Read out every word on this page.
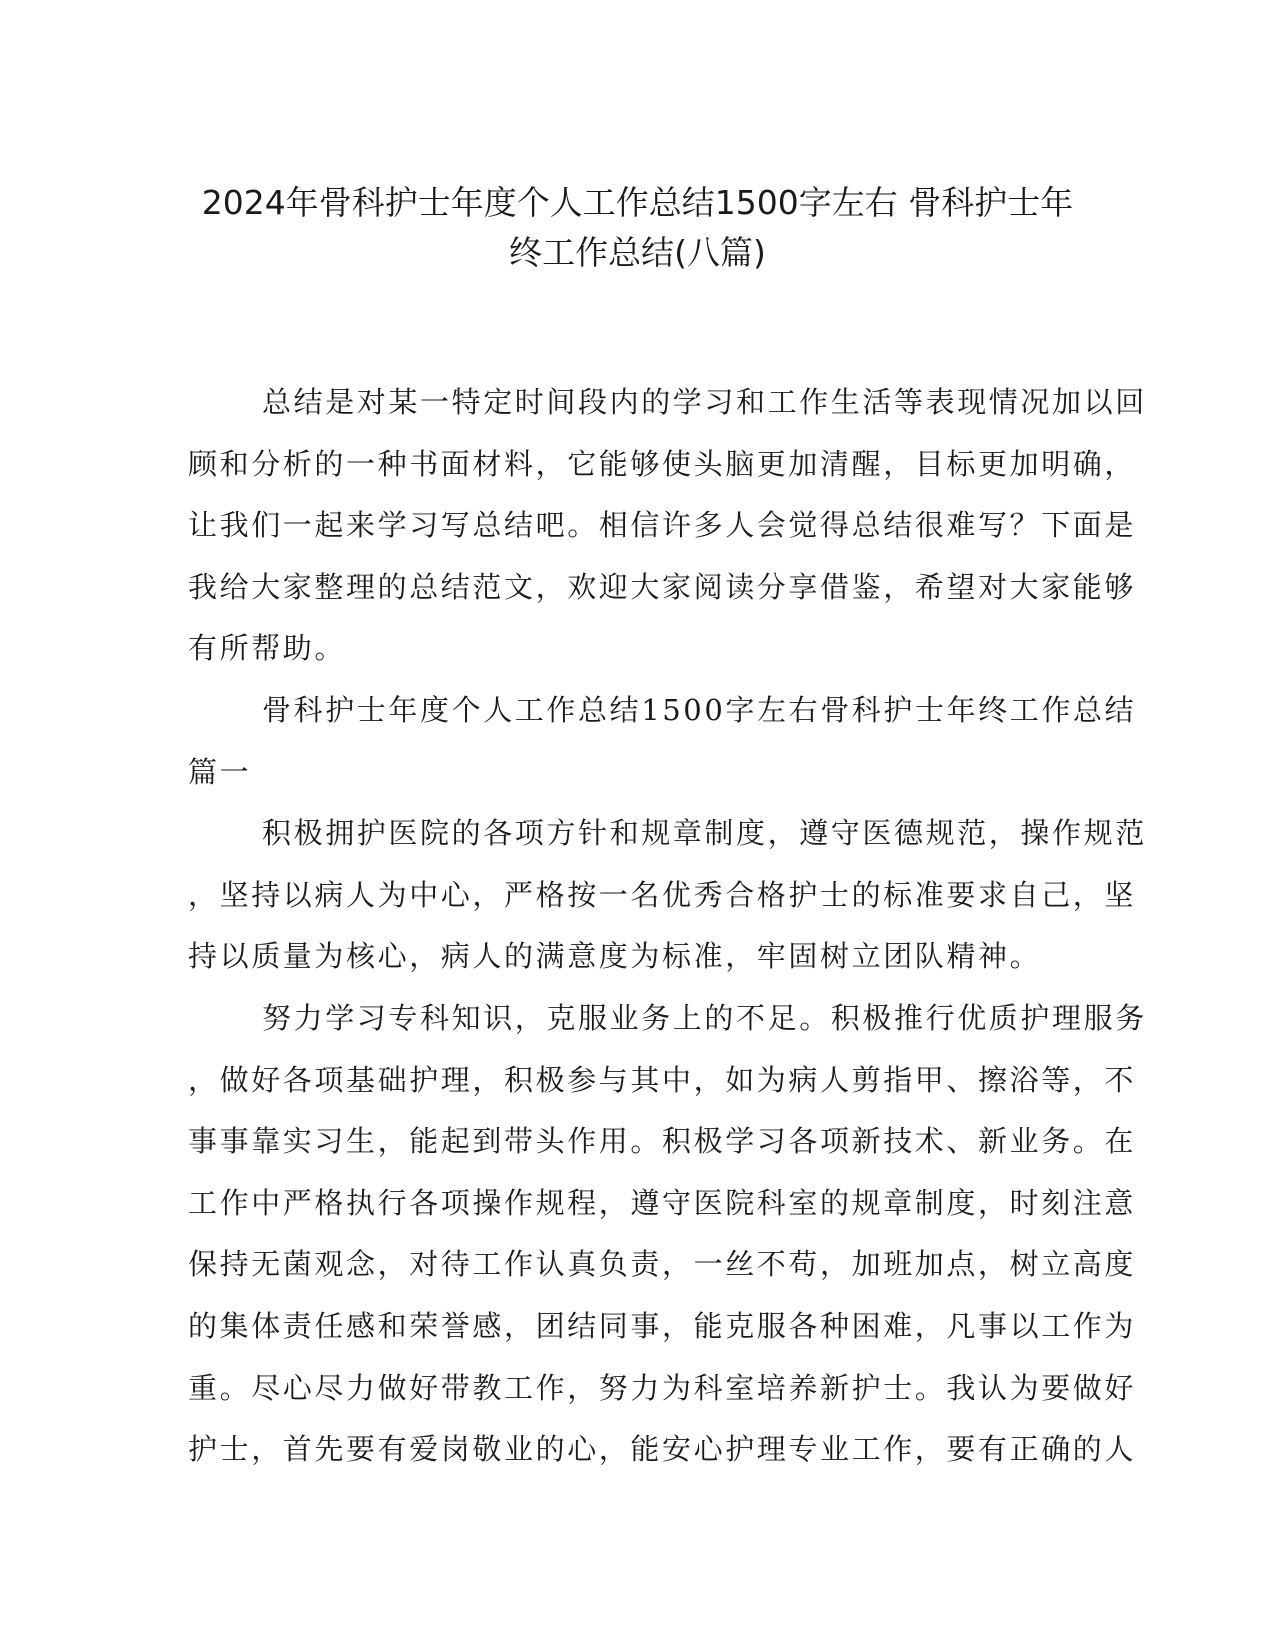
2024年骨科护士年度个人工作总结1500字左右 骨科护士年
终工作总结(八篇)

总结是对某一特定时间段内的学习和工作生活等表现情况加以回
顾和分析的一种书面材料，它能够使头脑更加清醒，目标更加明确，
让我们一起来学习写总结吧。相信许多人会觉得总结很难写？下面是
我给大家整理的总结范文，欢迎大家阅读分享借鉴，希望对大家能够
有所帮助。

骨科护士年度个人工作总结1500字左右骨科护士年终工作总结
篇一

积极拥护医院的各项方针和规章制度，遵守医德规范，操作规范
，坚持以病人为中心，严格按一名优秀合格护士的标准要求自己，坚
持以质量为核心，病人的满意度为标准，牢固树立团队精神。

努力学习专科知识，克服业务上的不足。积极推行优质护理服务
，做好各项基础护理，积极参与其中，如为病人剪指甲、擦浴等，不
事事靠实习生，能起到带头作用。积极学习各项新技术、新业务。在
工作中严格执行各项操作规程，遵守医院科室的规章制度，时刻注意
保持无菌观念，对待工作认真负责，一丝不苟，加班加点，树立高度
的集体责任感和荣誉感，团结同事，能克服各种困难，凡事以工作为
重。尽心尽力做好带教工作，努力为科室培养新护士。我认为要做好
护士，首先要有爱岗敬业的心，能安心护理专业工作，要有正确的人
